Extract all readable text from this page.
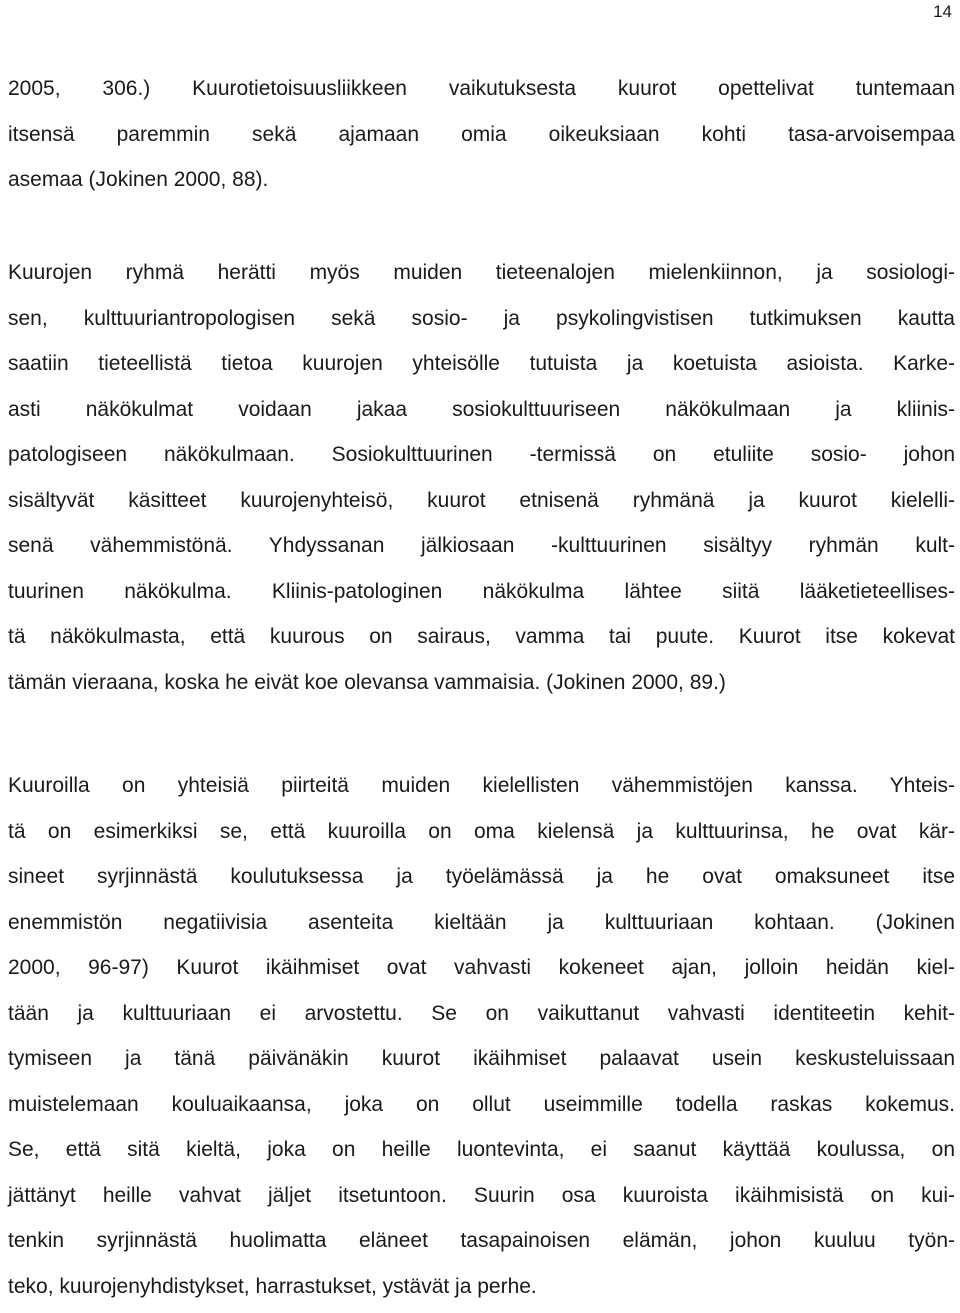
14
2005, 306.) Kuurotietoisuusliikkeen vaikutuksesta kuurot opettelivat tuntemaan
itsensä paremmin sekä ajamaan omia oikeuksiaan kohti tasa-arvoisempaa
asemaa (Jokinen 2000, 88).
Kuurojen ryhmä herätti myös muiden tieteenalojen mielenkiinnon, ja sosiologi-
sen, kulttuuriantropologisen sekä sosio- ja psykolingvistisen tutkimuksen kautta
saatiin tieteellistä tietoa kuurojen yhteisölle tutuista ja koetuista asioista. Karke-
asti näkökulmat voidaan jakaa sosiokulttuuriseen näkökulmaan ja kliinis-
patologiseen näkökulmaan. Sosiokulttuurinen -termissä on etuliite sosio- johon
sisältyvät käsitteet kuurojenyhteisö, kuurot etnisenä ryhmänä ja kuurot kielelli-
senä vähemmistönä. Yhdyssanan jälkiosaan -kulttuurinen sisältyy ryhmän kult-
tuurinen näkökulma. Kliinis-patologinen näkökulma lähtee siitä lääketieteellises-
tä näkökulmasta, että kuurous on sairaus, vamma tai puute. Kuurot itse kokevat
tämän vieraana, koska he eivät koe olevansa vammaisia. (Jokinen 2000, 89.)
Kuuroilla on yhteisiä piirteitä muiden kielellisten vähemmistöjen kanssa. Yhteis-
tä on esimerkiksi se, että kuuroilla on oma kielensä ja kulttuurinsa, he ovat kär-
sineet syrjinnästä koulutuksessa ja työelämässä ja he ovat omaksuneet itse
enemmistön negatiivisia asenteita kieltään ja kulttuuriaan kohtaan. (Jokinen
2000, 96-97) Kuurot ikäihmiset ovat vahvasti kokeneet ajan, jolloin heidän kiel-
tään ja kulttuuriaan ei arvostettu. Se on vaikuttanut vahvasti identiteetin kehit-
tymiseen ja tänä päivänäkin kuurot ikäihmiset palaavat usein keskusteluissaan
muistelemaan kouluaikaansa, joka on ollut useimmille todella raskas kokemus.
Se, että sitä kieltä, joka on heille luontevinta, ei saanut käyttää koulussa, on
jättänyt heille vahvat jäljet itsetuntoon. Suurin osa kuuroista ikäihmisistä on kui-
tenkin syrjinnästä huolimatta eläneet tasapainoisen elämän, johon kuuluu työn-
teko, kuurojenyhdistykset, harrastukset, ystävät ja perhe.
